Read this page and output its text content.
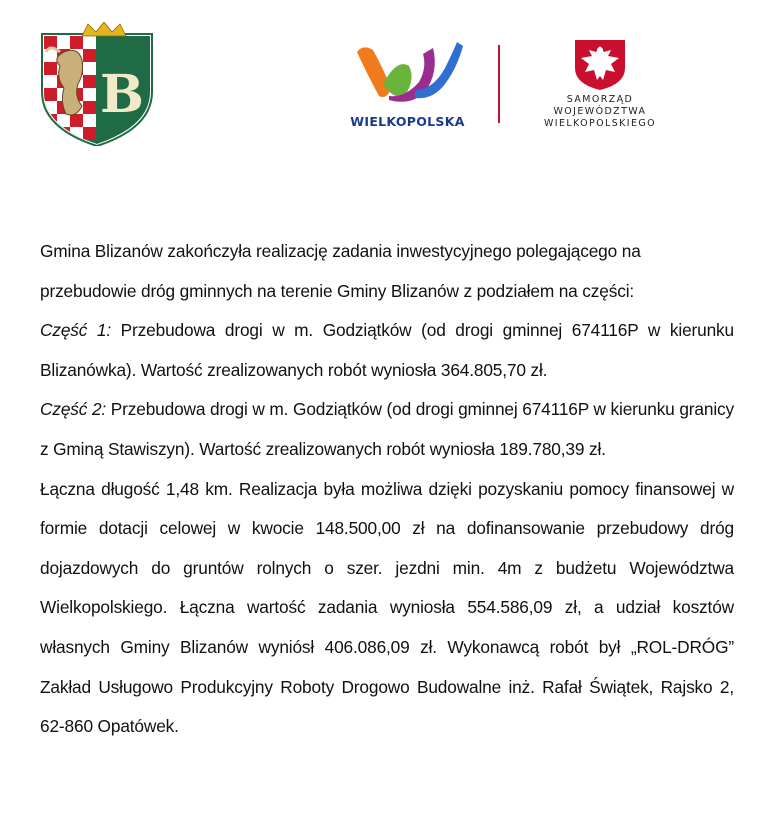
B	WIELKOPOLSKA
SAMORZĄD
WOJEWÓDZTWA
WIELKOPOLSKIEGO

Gmina Blizanów zakończyła realizację zadania inwestycyjnego polegającego na przebudowie dróg gminnych na terenie Gminy Blizanów z podziałem na części:

Część 1: Przebudowa drogi w m. Godziątków (od drogi gminnej 674116P w kierunku Blizanówka). Wartość zrealizowanych robót wyniosła 364.805,70 zł.

Część 2: Przebudowa drogi w m. Godziątków (od drogi gminnej 674116P w kierunku granicy z Gminą Stawiszyn). Wartość zrealizowanych robót wyniosła 189.780,39 zł.

Łączna długość 1,48 km. Realizacja była możliwa dzięki pozyskaniu pomocy finansowej w formie dotacji celowej w kwocie 148.500,00 zł na dofinansowanie przebudowy dróg dojazdowych do gruntów rolnych o szer. jezdni min. 4m z budżetu Województwa Wielkopolskiego. Łączna wartość zadania wyniosła 554.586,09 zł, a udział kosztów własnych Gminy Blizanów wyniósł 406.086,09 zł. Wykonawcą robót był „ROL-DRÓG” Zakład Usługowo Produkcyjny Roboty Drogowo Budowalne inż. Rafał Świątek, Rajsko 2, 62-860 Opatówek.
